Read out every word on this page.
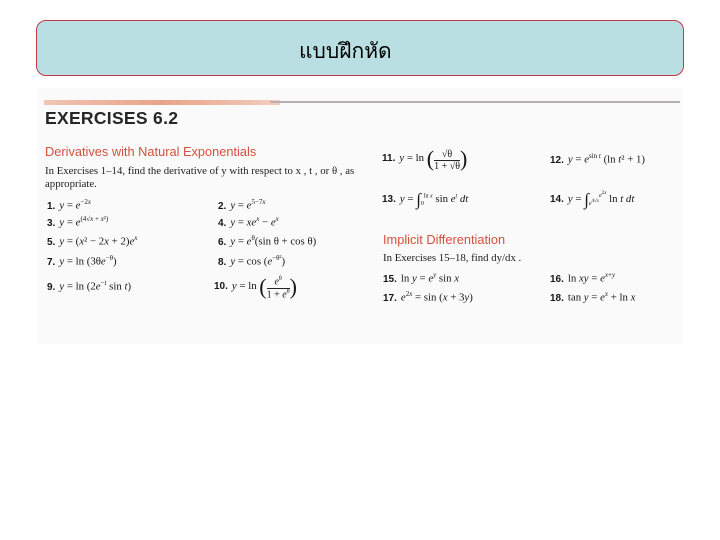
แบบฝึกหัด
EXERCISES 6.2
Derivatives with Natural Exponentials
In Exercises 1–14, find the derivative of y with respect to x , t , or θ , as appropriate.
1. $y = e^{-2x}$	2. $y = e^{5-7x}$
3. $y = e^{(4√x + x^2)}$	4. $y = xe^x - e^x$
5. $y = (x^2 - 2x + 2)e^x$	6. $y = e^\theta(\sin$ θ + cos θ)
7. $y = \ln (3\theta e^{-\theta})$	8. $y = \cos (e^{-\theta^2})$
9. $y = \ln (2e^{-t}$ sin t)	10. y = ln ( $\frac{e^\theta}{1 + e^\theta}$ )
11. y = ln ( $\frac{√\theta}{1 + √\theta}$ )	12. $y = e^{sin t}$ (ln t² + 1)
13. $y = \int_0^{ln x}$ $\sin e^t$ dt	14. $y = \int_{e^{4√x}}^{e^{2x}}$ ln t dt
Implicit Differentiation
In Exercises 15–18, find dy/dx .
15. $\ln y = e^y$ sin x	16. ln xy = $e^{x+y}$
17. $e^{2x} = \sin (x + 3y)$	18. $\tan y = e^x + \ln x$
